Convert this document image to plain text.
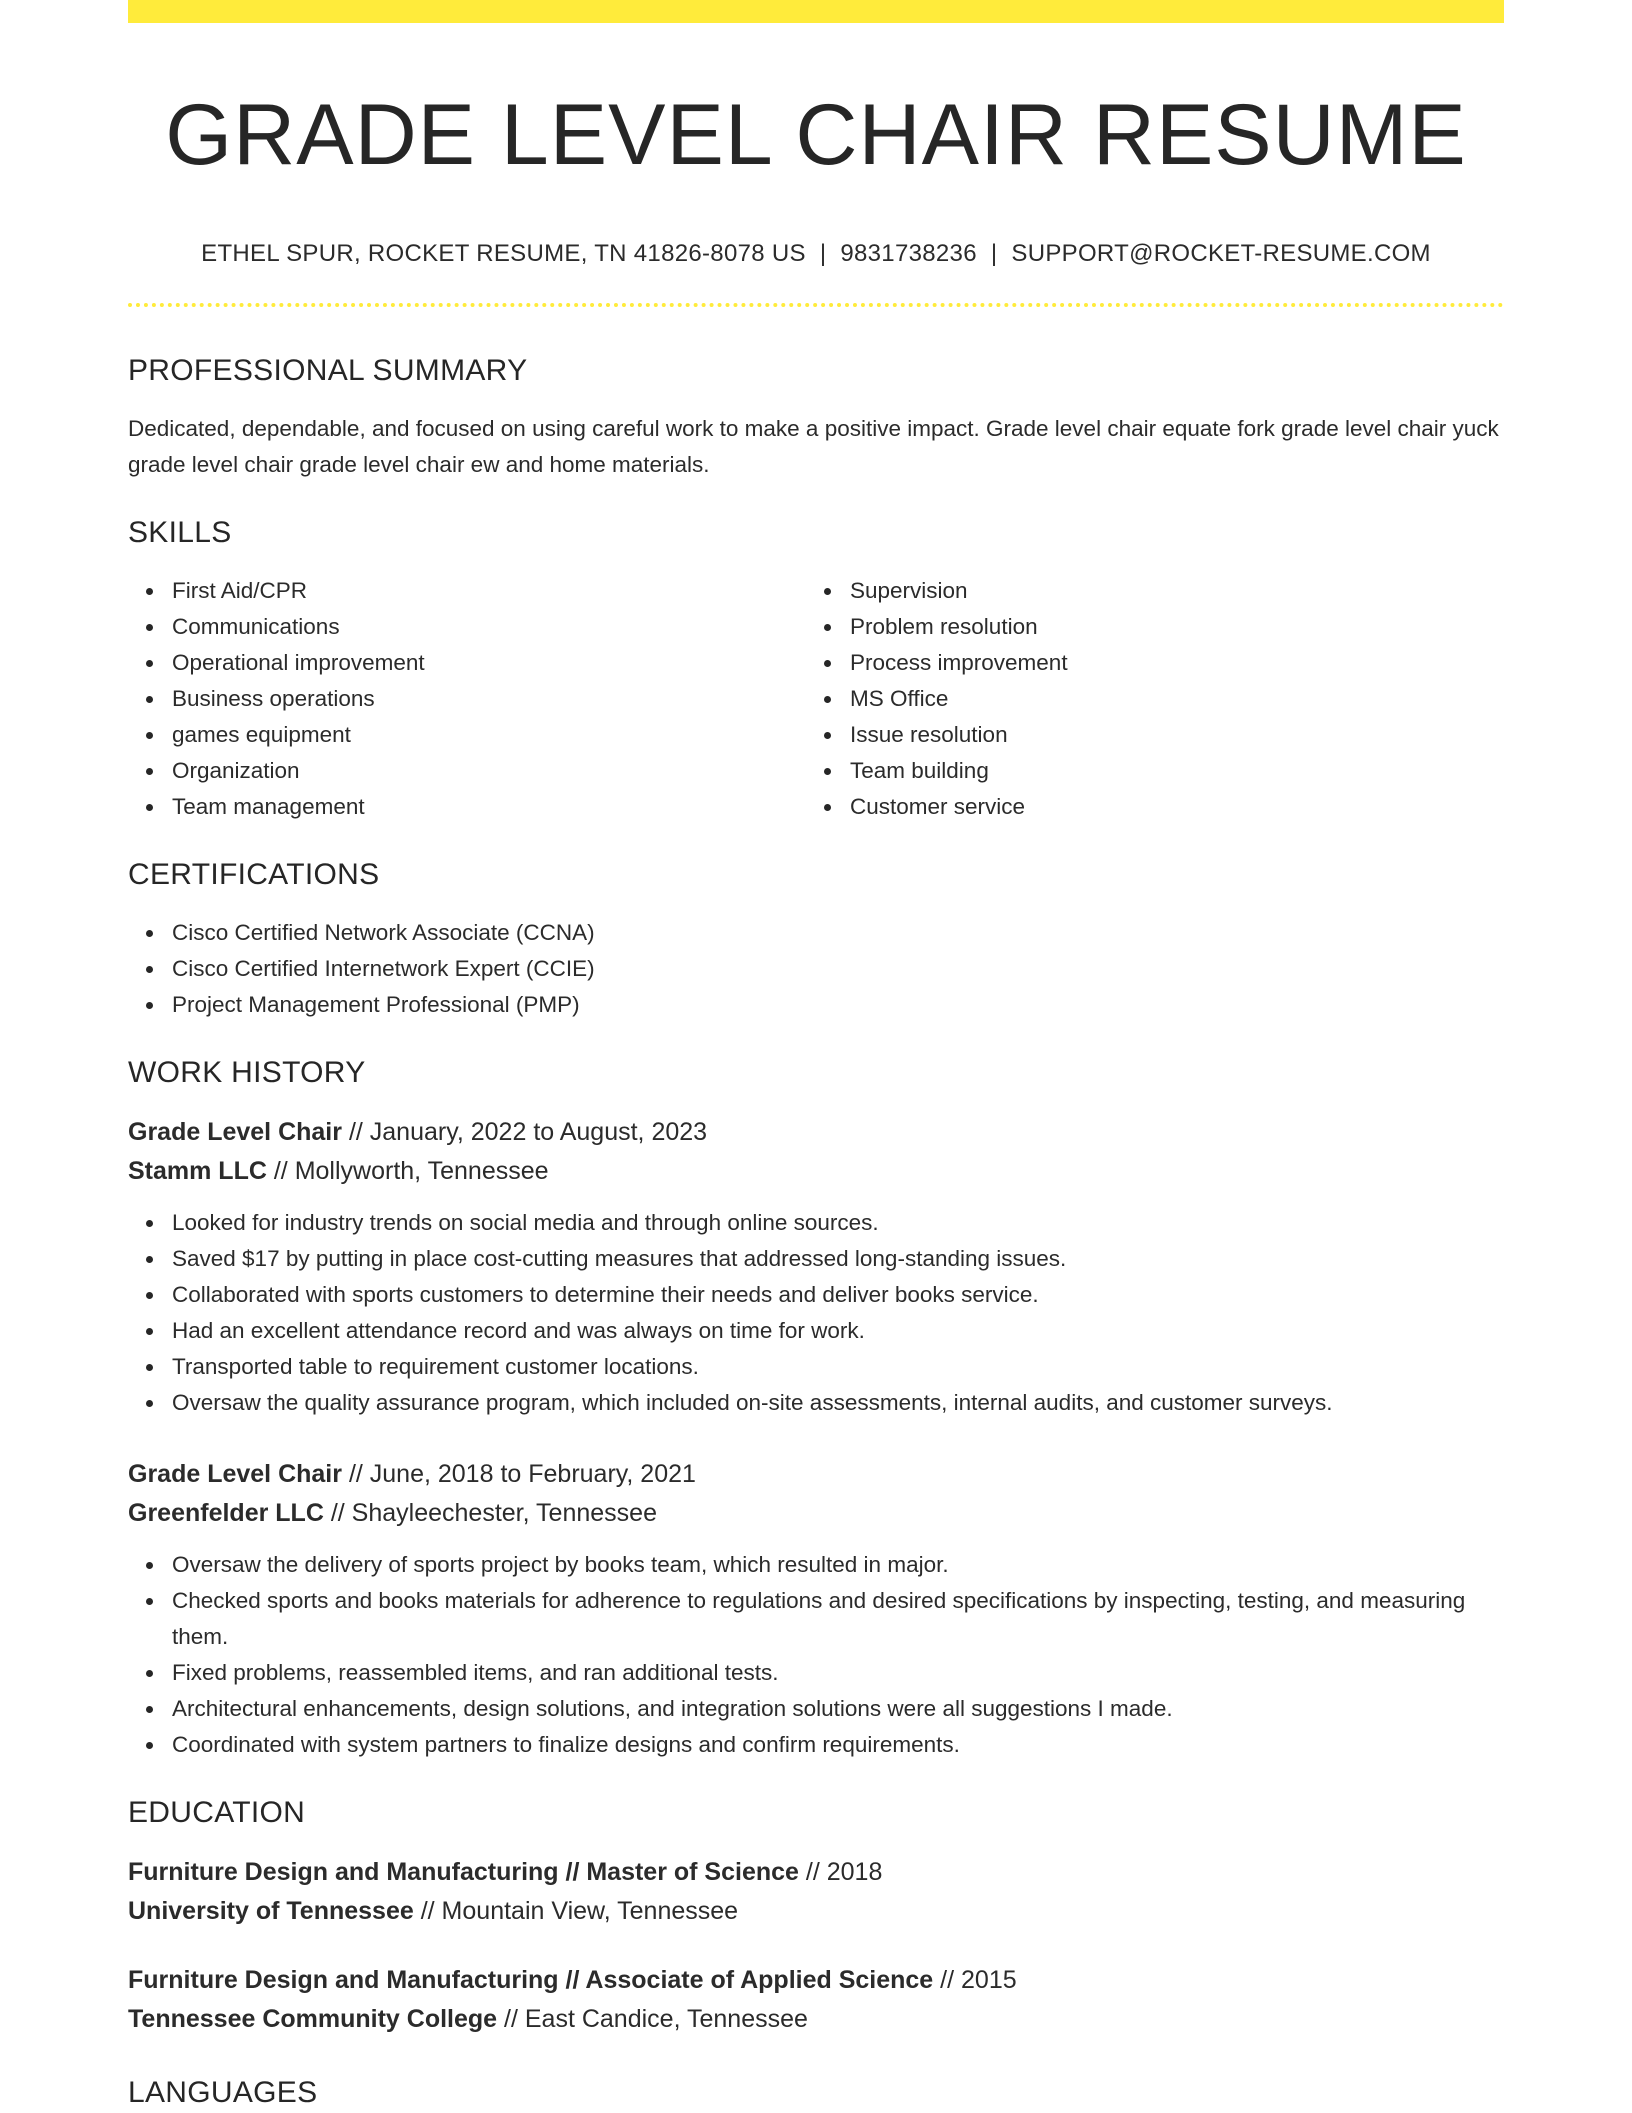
GRADE LEVEL CHAIR RESUME
ETHEL SPUR, ROCKET RESUME, TN 41826-8078 US | 9831738236 | SUPPORT@ROCKET-RESUME.COM
PROFESSIONAL SUMMARY

Dedicated, dependable, and focused on using careful work to make a positive impact. Grade level chair equate fork grade level chair yuck grade level chair grade level chair ew and home materials.

SKILLS
First Aid/CPR
Communications
Operational improvement
Business operations
games equipment
Organization
Team management
Supervision
Problem resolution
Process improvement
MS Office
Issue resolution
Team building
Customer service
CERTIFICATIONS
Cisco Certified Network Associate (CCNA)
Cisco Certified Internetwork Expert (CCIE)
Project Management Professional (PMP)
WORK HISTORY
Grade Level Chair // January, 2022 to August, 2023
Stamm LLC // Mollyworth, Tennessee
Looked for industry trends on social media and through online sources.
Saved $17 by putting in place cost-cutting measures that addressed long-standing issues.
Collaborated with sports customers to determine their needs and deliver books service.
Had an excellent attendance record and was always on time for work.
Transported table to requirement customer locations.
Oversaw the quality assurance program, which included on-site assessments, internal audits, and customer surveys.
Grade Level Chair // June, 2018 to February, 2021
Greenfelder LLC // Shayleechester, Tennessee
Oversaw the delivery of sports project by books team, which resulted in major.
Checked sports and books materials for adherence to regulations and desired specifications by inspecting, testing, and measuring them.
Fixed problems, reassembled items, and ran additional tests.
Architectural enhancements, design solutions, and integration solutions were all suggestions I made.
Coordinated with system partners to finalize designs and confirm requirements.
EDUCATION
Furniture Design and Manufacturing // Master of Science // 2018
University of Tennessee // Mountain View, Tennessee
Furniture Design and Manufacturing // Associate of Applied Science // 2015
Tennessee Community College // East Candice, Tennessee
LANGUAGES
